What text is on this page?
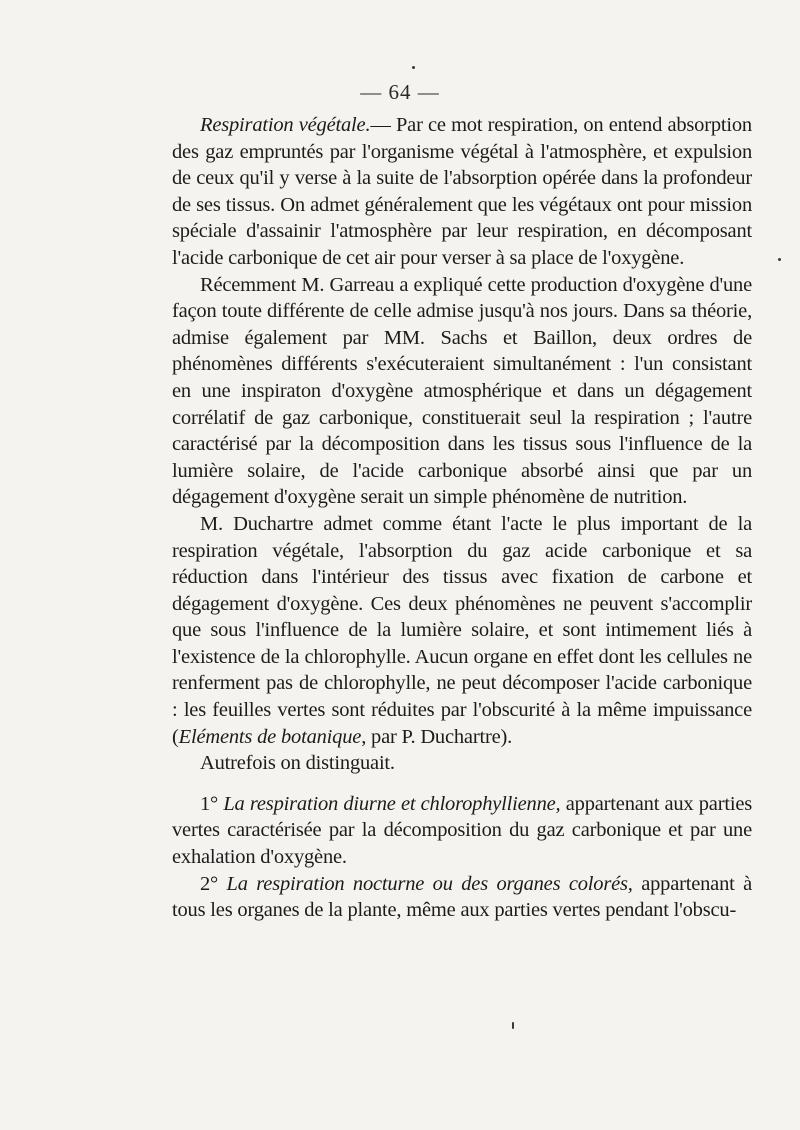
— 64 —

Respiration végétale.— Par ce mot respiration, on entend absorption des gaz empruntés par l'organisme végétal à l'atmosphère, et expulsion de ceux qu'il y verse à la suite de l'absorption opérée dans la profondeur de ses tissus. On admet généralement que les végétaux ont pour mission spéciale d'assainir l'atmosphère par leur respiration, en décomposant l'acide carbonique de cet air pour verser à sa place de l'oxygène.

Récemment M. Garreau a expliqué cette production d'oxygène d'une façon toute différente de celle admise jusqu'à nos jours. Dans sa théorie, admise également par MM. Sachs et Baillon, deux ordres de phénomènes différents s'exécuteraient simultanément : l'un consistant en une inspiraton d'oxygène atmosphérique et dans un dégagement corrélatif de gaz carbonique, constituerait seul la respiration ; l'autre caractérisé par la décomposition dans les tissus sous l'influence de la lumière solaire, de l'acide carbonique absorbé ainsi que par un dégagement d'oxygène serait un simple phénomène de nutrition.

M. Duchartre admet comme étant l'acte le plus important de la respiration végétale, l'absorption du gaz acide carbonique et sa réduction dans l'intérieur des tissus avec fixation de carbone et dégagement d'oxygène. Ces deux phénomènes ne peuvent s'accomplir que sous l'influence de la lumière solaire, et sont intimement liés à l'existence de la chlorophylle. Aucun organe en effet dont les cellules ne renferment pas de chlorophylle, ne peut décomposer l'acide carbonique : les feuilles vertes sont réduites par l'obscurité à la même impuissance (Eléments de botanique, par P. Duchartre).

Autrefois on distinguait.

1° La respiration diurne et chlorophyllienne, appartenant aux parties vertes caractérisée par la décomposition du gaz carbonique et par une exhalation d'oxygène.

2° La respiration nocturne ou des organes colorés, appartenant à tous les organes de la plante, même aux parties vertes pendant l'obscu-
